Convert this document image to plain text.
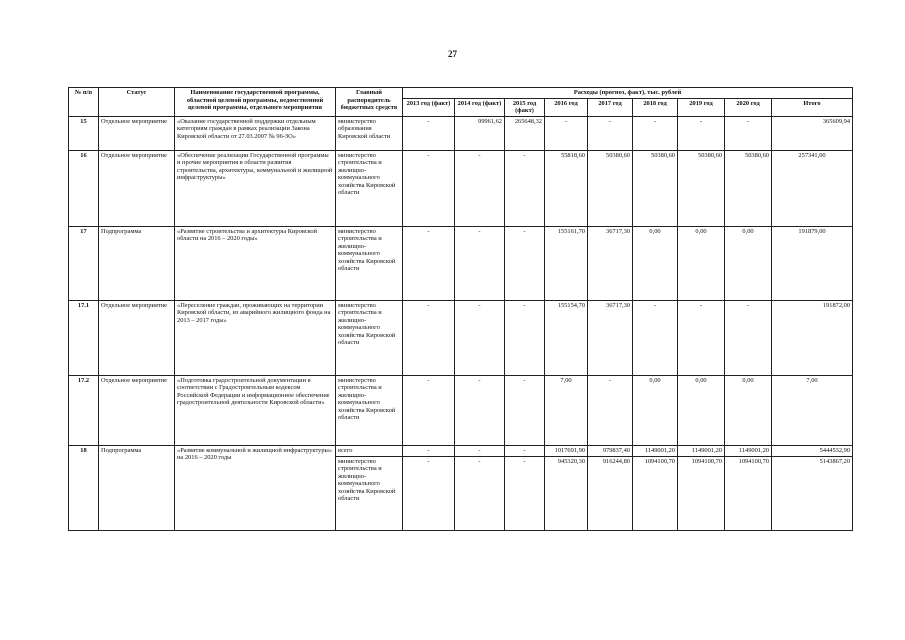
27
№ п/п	Статус	Наименование государственной программы, областной целевой программы, ведомственной целевой программы, отдельного мероприятия	Главный распорядитель бюджетных средств	Расходы (прогноз, факт), тыс. рублей								
				2013 год (факт)	2014 год (факт)	2015 год (факт)	2016 год	2017 год	2018 год	2019 год	2020 год	Итого
15	Отдельное мероприятие	«Оказание государственной поддержки отдельным категориям граждан в рамках реализации Закона Кировской области от 27.03.2007 № 96-ЗО»	министерство образования Кировской области	-	99961,62	265648,32	-	-	-	-	-	365609,94
16	Отдельное мероприятие	«Обеспечение реализации Государственной программы и прочие мероприятия в области развития строительства, архитектуры, коммунальной и жилищной инфраструктуры»	министерство строительства и жилищно-коммунального хозяйства Кировской области	-	-	-	55818,60	50380,60	50380,60	50380,60	50380,60	257341,00
17	Подпрограмма	«Развитие строительства и архитектуры Кировской области на 2016 – 2020 годы»	министерство строительства и жилищно-коммунального хозяйства Кировской области	-	-	-	155161,70	36717,30	0,00	0,00	0,00	191879,00
17.1	Отдельное мероприятие	«Переселение граждан, проживающих на территории Кировской области, из аварийного жилищного фонда на 2013 – 2017 годы»	министерство строительства и жилищно-коммунального хозяйства Кировской области	-	-	-	155154,70	36717,30	-	-	-	191872,00
17.2	Отдельное мероприятие	«Подготовка градостроительной документации в соответствии с Градостроительным кодексом Российской Федерации и информационное обеспечение градостроительной деятельности Кировской области»	министерство строительства и жилищно-коммунального хозяйства Кировской области	-	-	-	7,00	-	0,00	0,00	0,00	7,00
18	Подпрограмма	«Развитие коммунальной и жилищной инфраструктуры» на 2016 – 2020 годы	всего	-	-	-	1017691,90	979837,40	1149001,20	1149001,20	1149001,20	5444532,90
			министерство строительства и жилищно-коммунального хозяйства Кировской области	-	-	-	945320,30	916244,80	1094100,70	1094100,70	1094100,70	5143867,20
